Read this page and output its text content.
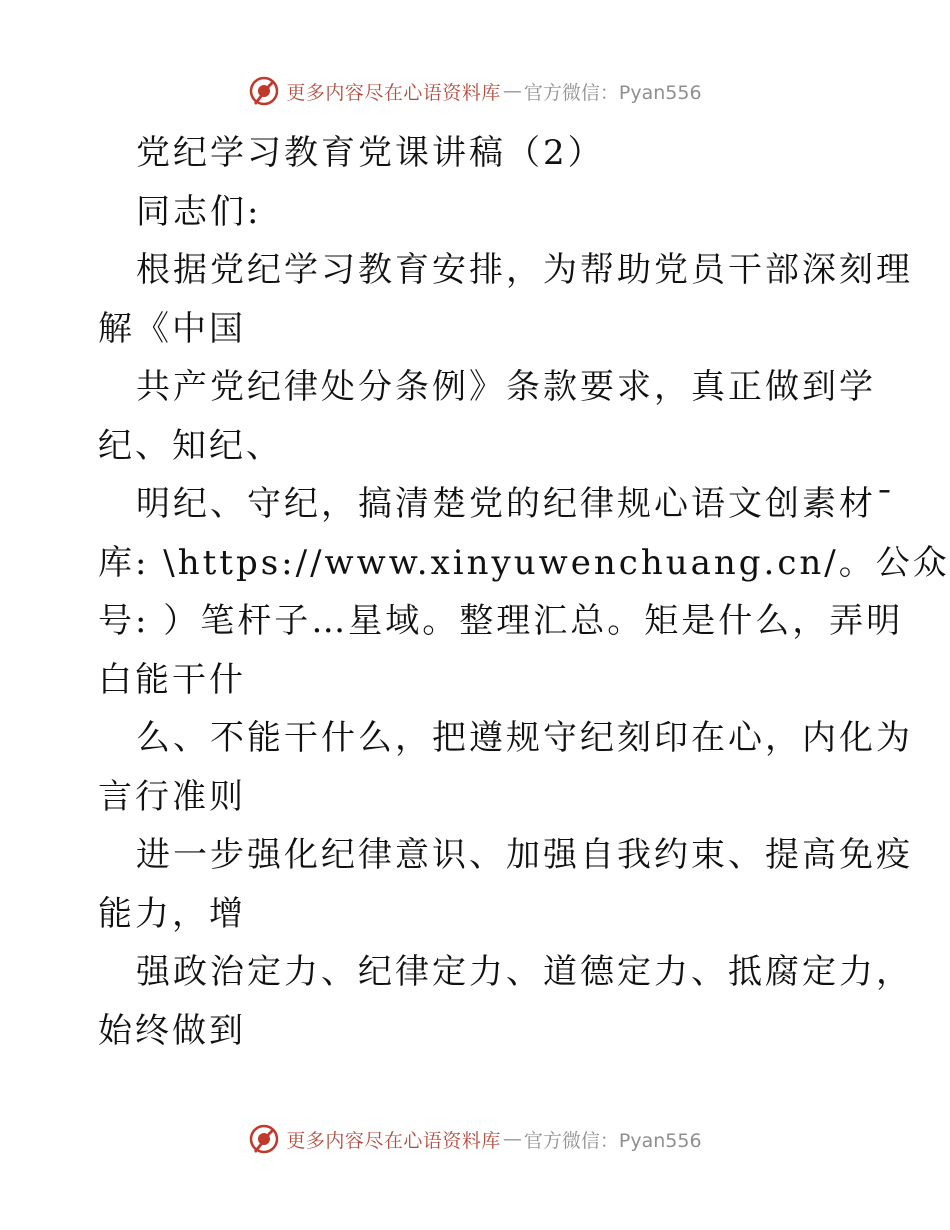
更多内容尽在心语资料库 — 官方微信：Pyan556
党纪学习教育党课讲稿（2）
同志们:
根据党纪学习教育安排，为帮助党员干部深刻理
解《中国
共产党纪律处分条例》条款要求，真正做到学
纪、知纪、
明纪、守纪，搞清楚党的纪律规心语文创素材¯
库: \https://www.xinyuwenchuang.cn/。公众
号: ）笔杆子…星域。整理汇总。矩是什么，弄明
白能干什
么、不能干什么，把遵规守纪刻印在心，内化为
言行准则
进一步强化纪律意识、加强自我约束、提高免疫
能力，增
强政治定力、纪律定力、道德定力、抵腐定力，
始终做到
更多内容尽在心语资料库 — 官方微信：Pyan556
